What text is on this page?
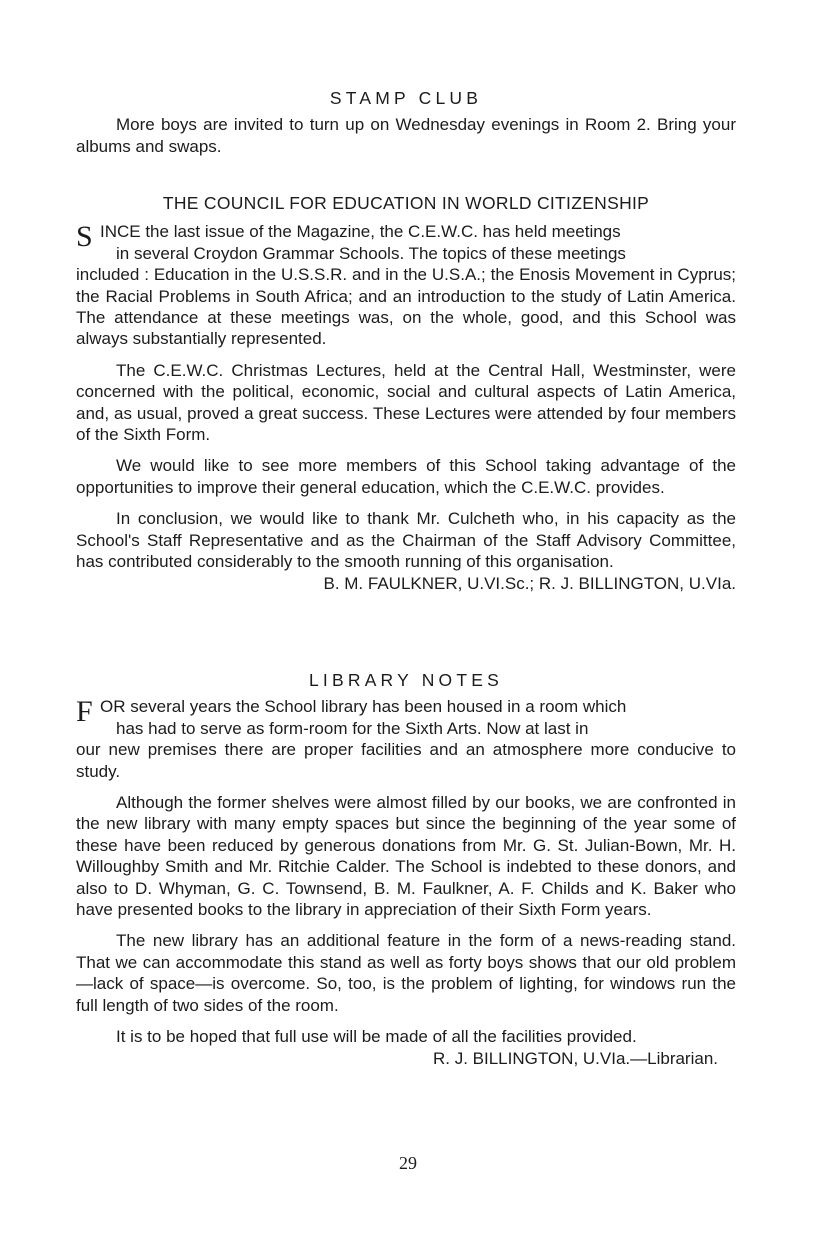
STAMP CLUB

More boys are invited to turn up on Wednesday evenings in Room 2. Bring your albums and swaps.

THE COUNCIL FOR EDUCATION IN WORLD CITIZENSHIP
S INCE the last issue of the Magazine, the C.E.W.C. has held meetings

in several Croydon Grammar Schools. The topics of these meetings

included : Education in the U.S.S.R. and in the U.S.A.; the Enosis Movement in Cyprus; the Racial Problems in South Africa; and an introduction to the study of Latin America. The attendance at these meetings was, on the whole, good, and this School was always substantially represented.

The C.E.W.C. Christmas Lectures, held at the Central Hall, Westminster, were concerned with the political, economic, social and cultural aspects of Latin America, and, as usual, proved a great success. These Lectures were attended by four members of the Sixth Form.

We would like to see more members of this School taking advantage of the opportunities to improve their general education, which the C.E.W.C. provides.

In conclusion, we would like to thank Mr. Culcheth who, in his capacity as the School's Staff Representative and as the Chairman of the Staff Advisory Committee, has contributed considerably to the smooth running of this organisation.

B. M. FAULKNER, U.VI.Sc.; R. J. BILLINGTON, U.VIa.
LIBRARY NOTES
F OR several years the School library has been housed in a room which

has had to serve as form-room for the Sixth Arts. Now at last in

our new premises there are proper facilities and an atmosphere more conducive to study.

Although the former shelves were almost filled by our books, we are confronted in the new library with many empty spaces but since the beginning of the year some of these have been reduced by generous donations from Mr. G. St. Julian-Bown, Mr. H. Willoughby Smith and Mr. Ritchie Calder. The School is indebted to these donors, and also to D. Whyman, G. C. Townsend, B. M. Faulkner, A. F. Childs and K. Baker who have presented books to the library in appreciation of their Sixth Form years.

The new library has an additional feature in the form of a news-reading stand. That we can accommodate this stand as well as forty boys shows that our old problem—lack of space—is overcome. So, too, is the problem of lighting, for windows run the full length of two sides of the room.

It is to be hoped that full use will be made of all the facilities provided.

R. J. BILLINGTON, U.VIa.—Librarian.
29
